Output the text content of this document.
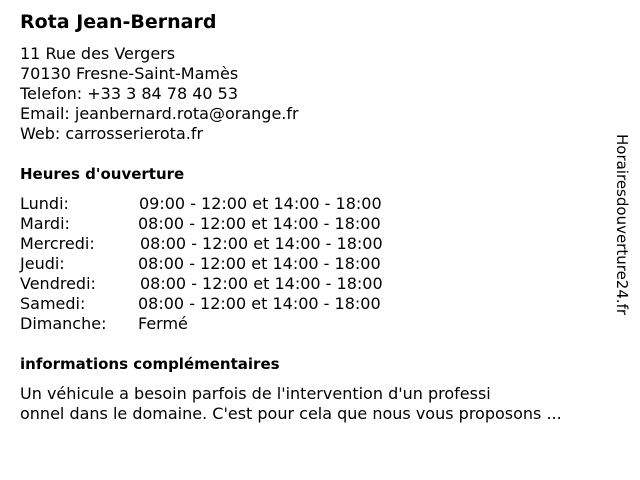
Rota Jean-Bernard
11 Rue des Vergers
70130 Fresne-Saint-Mamès
Telefon: +33 3 84 78 40 53
Email: jeanbernard.rota@orange.fr
Web: carrosserierota.fr
Heures d'ouverture
Lundi:	09:00 - 12:00 et 14:00 - 18:00
Mardi:	08:00 - 12:00 et 14:00 - 18:00
Mercredi:	08:00 - 12:00 et 14:00 - 18:00
Jeudi:	08:00 - 12:00 et 14:00 - 18:00
Vendredi:	08:00 - 12:00 et 14:00 - 18:00
Samedi:	08:00 - 12:00 et 14:00 - 18:00
Dimanche: Fermé
informations complémentaires
Un véhicule a besoin parfois de l'intervention d'un professi
onnel dans le domaine. C'est pour cela que nous vous proposons ...
Horairesdouverture24.fr
